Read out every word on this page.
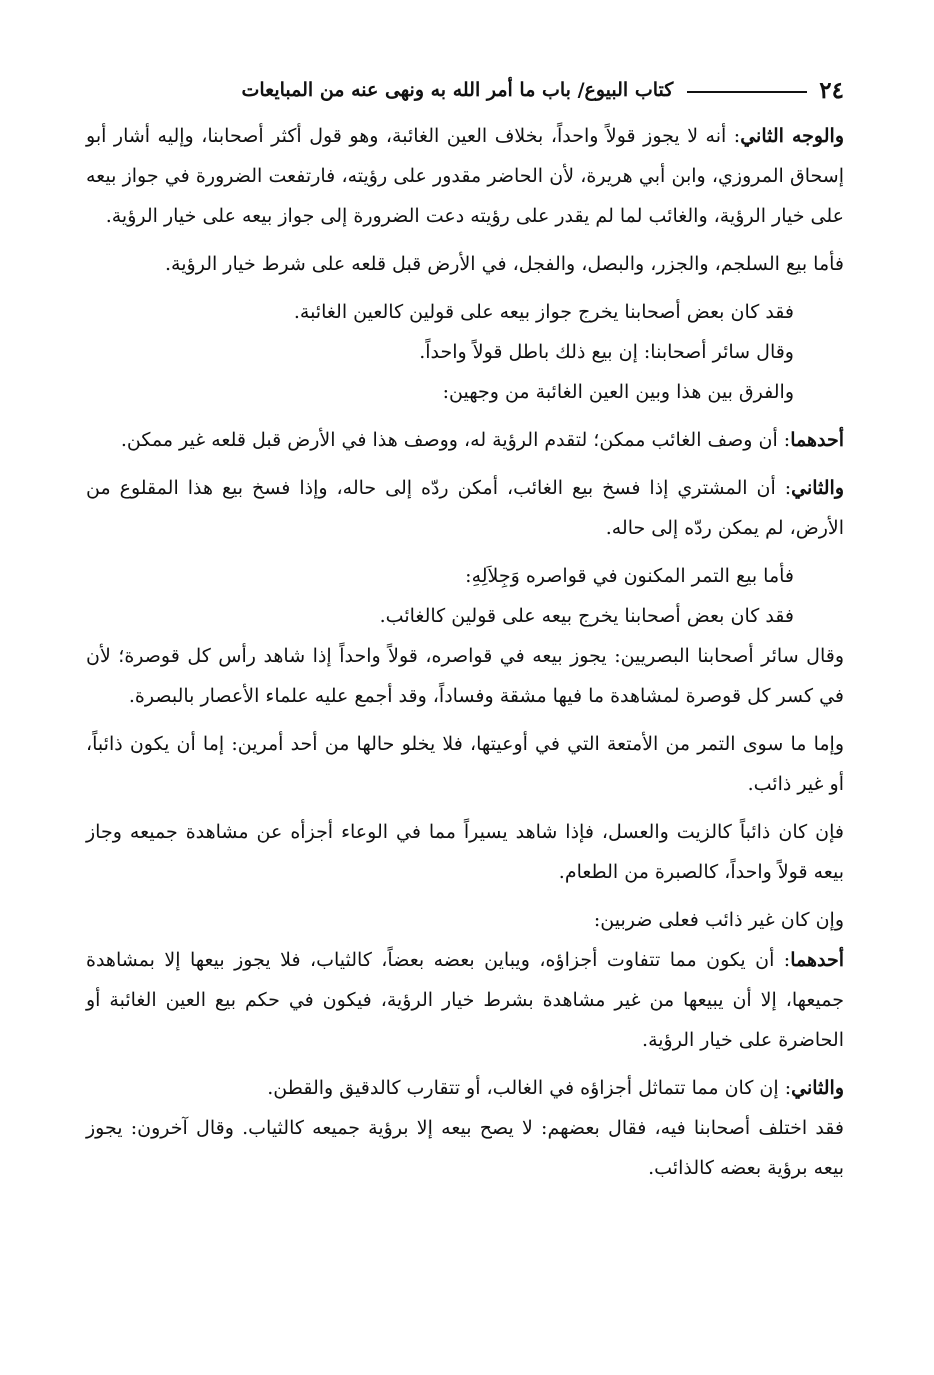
٢٤
كتاب البيوع/ باب ما أمر الله به ونهى عنه من المبايعات

والوجه الثاني: أنه لا يجوز قولاً واحداً، بخلاف العين الغائبة، وهو قول أكثر أصحابنا، وإليه أشار أبو إسحاق المروزي، وابن أبي هريرة، لأن الحاضر مقدور على رؤيته، فارتفعت الضرورة في جواز بيعه على خيار الرؤية، والغائب لما لم يقدر على رؤيته دعت الضرورة إلى جواز بيعه على خيار الرؤية.

فأما بيع السلجم، والجزر، والبصل، والفجل، في الأرض قبل قلعه على شرط خيار الرؤية.

فقد كان بعض أصحابنا يخرج جواز بيعه على قولين كالعين الغائبة.

وقال سائر أصحابنا: إن بيع ذلك باطل قولاً واحداً.

والفرق بين هذا وبين العين الغائبة من وجهين:

أحدهما: أن وصف الغائب ممكن؛ لتقدم الرؤية له، ووصف هذا في الأرض قبل قلعه غير ممكن.

والثاني: أن المشتري إذا فسخ بيع الغائب، أمكن ردّه إلى حاله، وإذا فسخ بيع هذا المقلوع من الأرض، لم يمكن ردّه إلى حاله.

فأما بيع التمر المكنون في قواصره وَجِلاَلِهِ:

فقد كان بعض أصحابنا يخرج بيعه على قولين كالغائب.

وقال سائر أصحابنا البصريين: يجوز بيعه في قواصره، قولاً واحداً إذا شاهد رأس كل قوصرة؛ لأن في كسر كل قوصرة لمشاهدة ما فيها مشقة وفساداً، وقد أجمع عليه علماء الأعصار بالبصرة.

وإما ما سوى التمر من الأمتعة التي في أوعيتها، فلا يخلو حالها من أحد أمرين: إما أن يكون ذائباً، أو غير ذائب.

فإن كان ذائباً كالزيت والعسل، فإذا شاهد يسيراً مما في الوعاء أجزأه عن مشاهدة جميعه وجاز بيعه قولاً واحداً، كالصبرة من الطعام.

وإن كان غير ذائب فعلى ضربين:

أحدهما: أن يكون مما تتفاوت أجزاؤه، ويباين بعضه بعضاً، كالثياب، فلا يجوز بيعها إلا بمشاهدة جميعها، إلا أن يبيعها من غير مشاهدة بشرط خيار الرؤية، فيكون في حكم بيع العين الغائبة أو الحاضرة على خيار الرؤية.

والثاني: إن كان مما تتماثل أجزاؤه في الغالب، أو تتقارب كالدقيق والقطن.

فقد اختلف أصحابنا فيه، فقال بعضهم: لا يصح بيعه إلا برؤية جميعه كالثياب. وقال آخرون: يجوز بيعه برؤية بعضه كالذائب.
